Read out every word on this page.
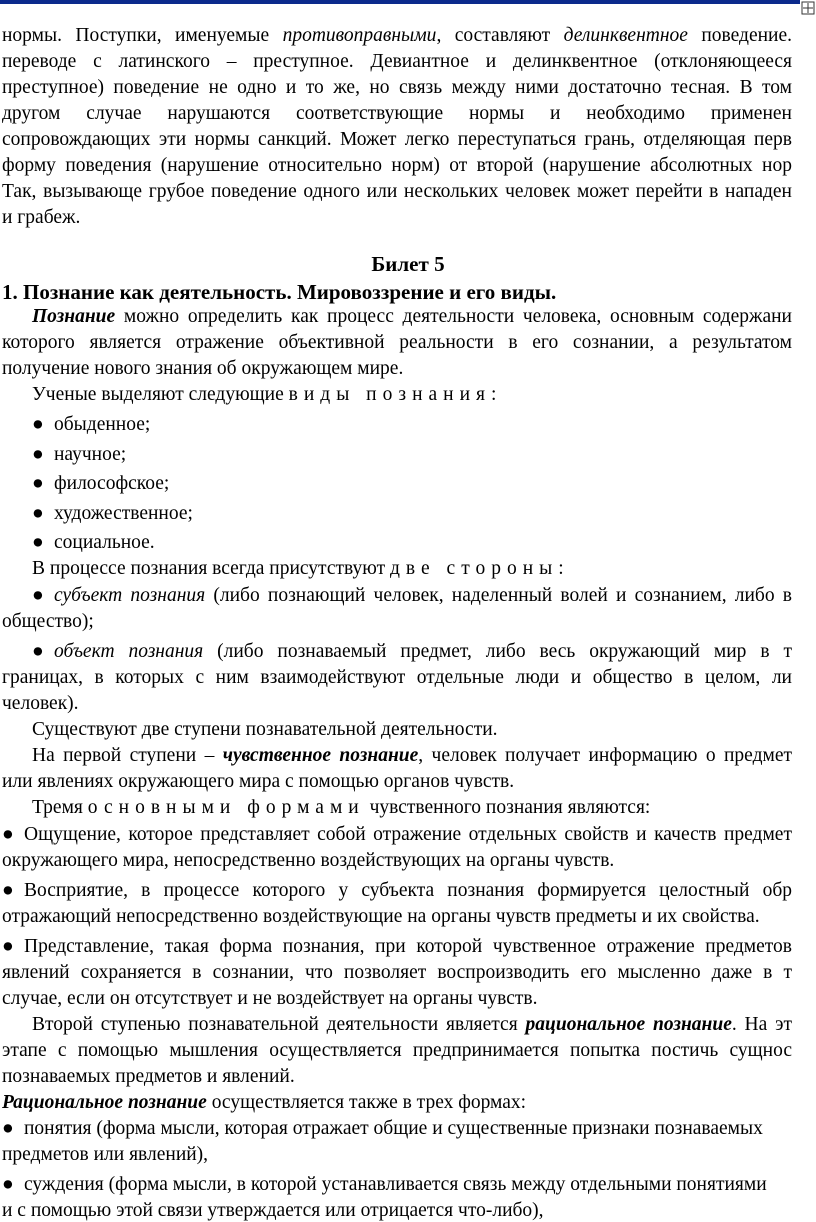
нормы. Поступки, именуемые противоправными, составляют делинквентное поведение.
переводе с латинского – преступное. Девиантное и делинквентное (отклоняющееся
преступное) поведение не одно и то же, но связь между ними достаточно тесная. В том
другом случае нарушаются соответствующие нормы и необходимо применен
сопровождающих эти нормы санкций. Может легко переступаться грань, отделяющая перв
форму поведения (нарушение относительно норм) от второй (нарушение абсолютных нор
Так, вызывающе грубое поведение одного или нескольких человек может перейти в нападен
и грабеж.
Билет 5
1. Познание как деятельность. Мировоззрение и его виды.
Познание можно определить как процесс деятельности человека, основным содержани
которого является отражение объективной реальности в его сознании, а результатом
получение нового знания об окружающем мире.
Ученые выделяют следующие виды познания:
● обыденное;
● научное;
● философское;
● художественное;
● социальное.
В процессе познания всегда присутствуют две стороны:
● субъект познания (либо познающий человек, наделенный волей и сознанием, либо в
общество);
● объект познания (либо познаваемый предмет, либо весь окружающий мир в т
границах, в которых с ним взаимодействуют отдельные люди и общество в целом, ли
человек).
Существуют две ступени познавательной деятельности.
На первой ступени – чувственное познание, человек получает информацию о предмет
или явлениях окружающего мира с помощью органов чувств.
Тремя основными формами чувственного познания являются:
● Ощущение, которое представляет собой отражение отдельных свойств и качеств предмет
окружающего мира, непосредственно воздействующих на органы чувств.
● Восприятие, в процессе которого у субъекта познания формируется целостный обр
отражающий непосредственно воздействующие на органы чувств предметы и их свойства.
● Представление, такая форма познания, при которой чувственное отражение предметов
явлений сохраняется в сознании, что позволяет воспроизводить его мысленно даже в т
случае, если он отсутствует и не воздействует на органы чувств.
Второй ступенью познавательной деятельности является рациональное познание. На эт
этапе с помощью мышления осуществляется предпринимается попытка постичь сущнос
познаваемых предметов и явлений.
Рациональное познание осуществляется также в трех формах:
● понятия (форма мысли, которая отражает общие и существенные признаки познаваемых
предметов или явлений),
● суждения (форма мысли, в которой устанавливается связь между отдельными понятиями
и с помощью этой связи утверждается или отрицается что-либо),
